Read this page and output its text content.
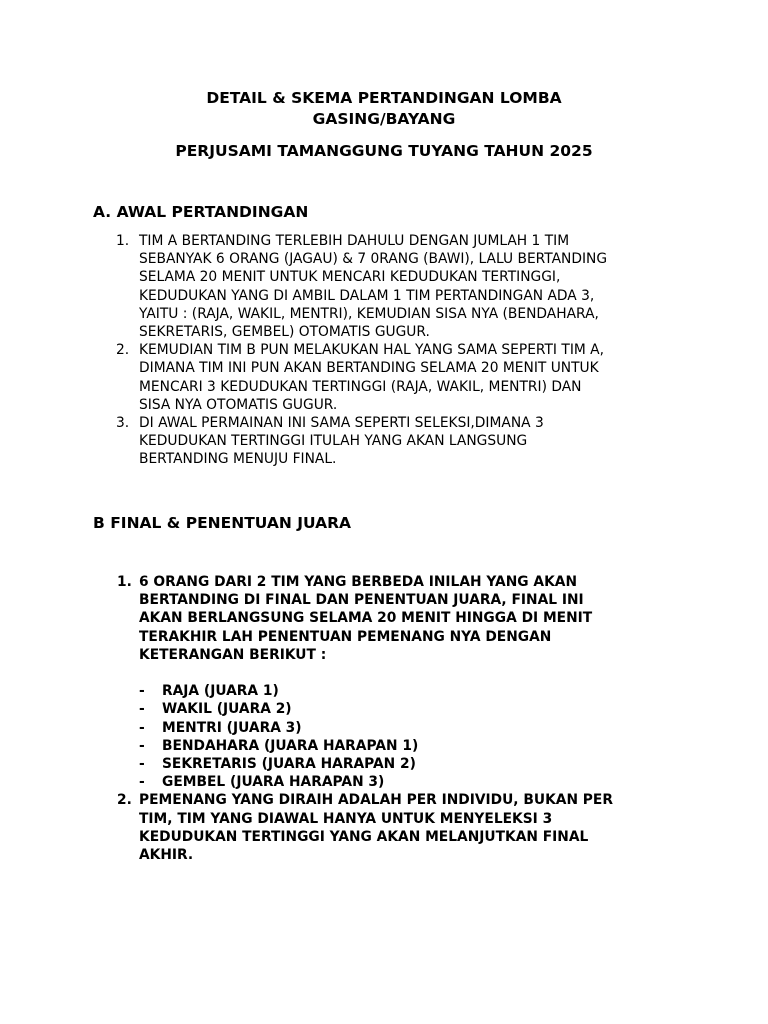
DETAIL & SKEMA PERTANDINGAN LOMBA
GASING/BAYANG
PERJUSAMI TAMANGGUNG TUYANG TAHUN 2025
A. AWAL PERTANDINGAN
1. TIM A BERTANDING TERLEBIH DAHULU DENGAN JUMLAH 1 TIM
SEBANYAK 6 ORANG (JAGAU) & 7 0RANG (BAWI), LALU BERTANDING
SELAMA 20 MENIT UNTUK MENCARI KEDUDUKAN TERTINGGI,
KEDUDUKAN YANG DI AMBIL DALAM 1 TIM PERTANDINGAN ADA 3,
YAITU : (RAJA, WAKIL, MENTRI), KEMUDIAN SISA NYA (BENDAHARA,
SEKRETARIS, GEMBEL) OTOMATIS GUGUR.
2. KEMUDIAN TIM B PUN MELAKUKAN HAL YANG SAMA SEPERTI TIM A,
DIMANA TIM INI PUN AKAN BERTANDING SELAMA 20 MENIT UNTUK
MENCARI 3 KEDUDUKAN TERTINGGI (RAJA, WAKIL, MENTRI) DAN
SISA NYA OTOMATIS GUGUR.
3. DI AWAL PERMAINAN INI SAMA SEPERTI SELEKSI,DIMANA 3
KEDUDUKAN TERTINGGI ITULAH YANG AKAN LANGSUNG
BERTANDING MENUJU FINAL.
B FINAL & PENENTUAN JUARA
1. 6 ORANG DARI 2 TIM YANG BERBEDA INILAH YANG AKAN
BERTANDING DI FINAL DAN PENENTUAN JUARA, FINAL INI
AKAN BERLANGSUNG SELAMA 20 MENIT HINGGA DI MENIT
TERAKHIR LAH PENENTUAN PEMENANG NYA DENGAN
KETERANGAN BERIKUT :
- RAJA (JUARA 1)
- WAKIL (JUARA 2)
- MENTRI (JUARA 3)
- BENDAHARA (JUARA HARAPAN 1)
- SEKRETARIS (JUARA HARAPAN 2)
- GEMBEL (JUARA HARAPAN 3)
2. PEMENANG YANG DIRAIH ADALAH PER INDIVIDU, BUKAN PER
TIM, TIM YANG DIAWAL HANYA UNTUK MENYELEKSI 3
KEDUDUKAN TERTINGGI YANG AKAN MELANJUTKAN FINAL
AKHIR.
